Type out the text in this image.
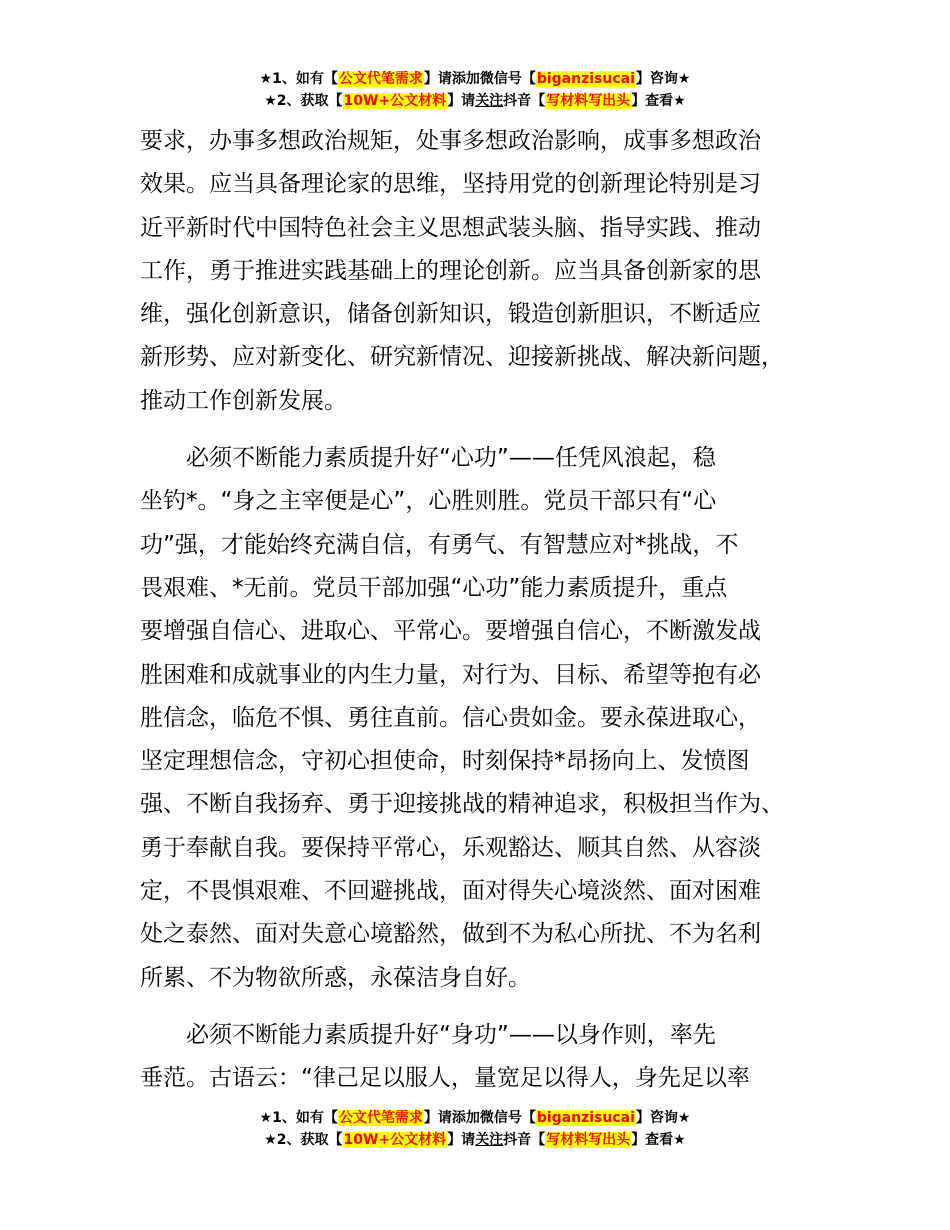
★1、如有【公文代笔需求】请添加微信号【biganzisucai】咨询★
★2、获取【10W+公文材料】请关注抖音【写材料写出头】查看★

要求，办事多想政治规矩，处事多想政治影响，成事多想政治
效果。应当具备理论家的思维，坚持用党的创新理论特别是习
近平新时代中国特色社会主义思想武装头脑、指导实践、推动
工作，勇于推进实践基础上的理论创新。应当具备创新家的思
维，强化创新意识，储备创新知识，锻造创新胆识，不断适应
新形势、应对新变化、研究新情况、迎接新挑战、解决新问题，
推动工作创新发展。

　　必须不断能力素质提升好“心功”——任凭风浪起，稳
坐钓*。“身之主宰便是心”，心胜则胜。党员干部只有“心
功”强，才能始终充满自信，有勇气、有智慧应对*挑战，不
畏艰难、*无前。党员干部加强“心功”能力素质提升，重点
要增强自信心、进取心、平常心。要增强自信心，不断激发战
胜困难和成就事业的内生力量，对行为、目标、希望等抱有必
胜信念，临危不惧、勇往直前。信心贵如金。要永葆进取心，
坚定理想信念，守初心担使命，时刻保持*昂扬向上、发愤图
强、不断自我扬弃、勇于迎接挑战的精神追求，积极担当作为、
勇于奉献自我。要保持平常心，乐观豁达、顺其自然、从容淡
定，不畏惧艰难、不回避挑战，面对得失心境淡然、面对困难
处之泰然、面对失意心境豁然，做到不为私心所扰、不为名利
所累、不为物欲所惑，永葆洁身自好。

　　必须不断能力素质提升好“身功”——以身作则，率先
垂范。古语云：“律己足以服人，量宽足以得人，身先足以率

★1、如有【公文代笔需求】请添加微信号【biganzisucai】咨询★
★2、获取【10W+公文材料】请关注抖音【写材料写出头】查看★
